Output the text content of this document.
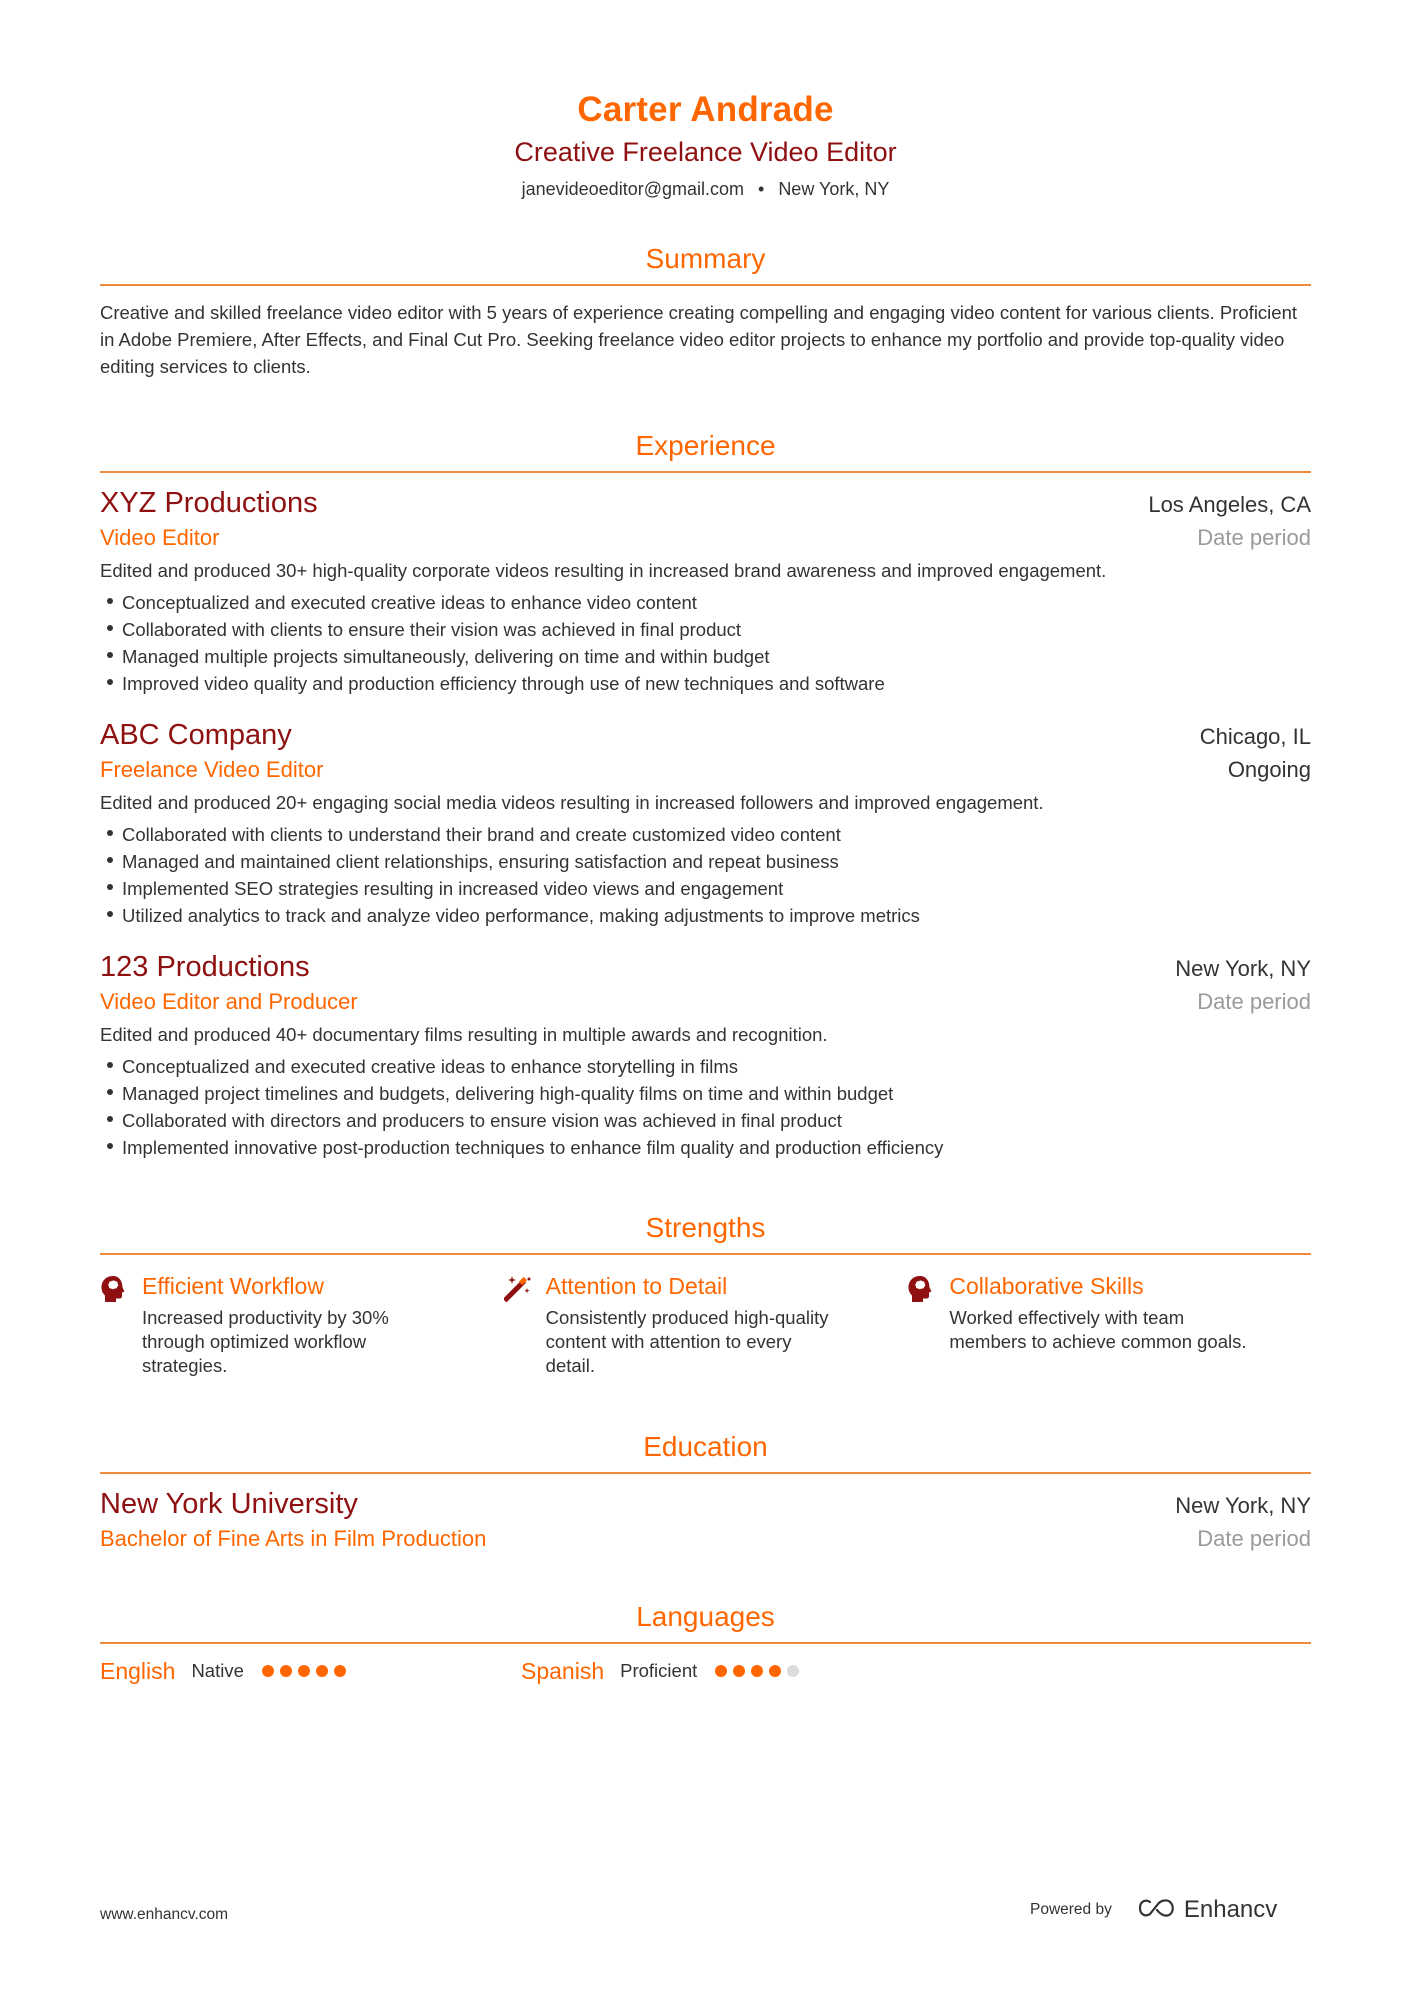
Carter Andrade
Creative Freelance Video Editor
janevideoeditor@gmail.com • New York, NY
Summary
Creative and skilled freelance video editor with 5 years of experience creating compelling and engaging video content for various clients. Proficient in Adobe Premiere, After Effects, and Final Cut Pro. Seeking freelance video editor projects to enhance my portfolio and provide top-quality video editing services to clients.
Experience
XYZ Productions	Los Angeles, CA
Video Editor	Date period
Edited and produced 30+ high-quality corporate videos resulting in increased brand awareness and improved engagement.
Conceptualized and executed creative ideas to enhance video content
Collaborated with clients to ensure their vision was achieved in final product
Managed multiple projects simultaneously, delivering on time and within budget
Improved video quality and production efficiency through use of new techniques and software
ABC Company	Chicago, IL
Freelance Video Editor	Ongoing
Edited and produced 20+ engaging social media videos resulting in increased followers and improved engagement.
Collaborated with clients to understand their brand and create customized video content
Managed and maintained client relationships, ensuring satisfaction and repeat business
Implemented SEO strategies resulting in increased video views and engagement
Utilized analytics to track and analyze video performance, making adjustments to improve metrics
123 Productions	New York, NY
Video Editor and Producer	Date period
Edited and produced 40+ documentary films resulting in multiple awards and recognition.
Conceptualized and executed creative ideas to enhance storytelling in films
Managed project timelines and budgets, delivering high-quality films on time and within budget
Collaborated with directors and producers to ensure vision was achieved in final product
Implemented innovative post-production techniques to enhance film quality and production efficiency
Strengths
Efficient Workflow
Increased productivity by 30% through optimized workflow strategies.
Attention to Detail
Consistently produced high-quality content with attention to every detail.
Collaborative Skills
Worked effectively with team members to achieve common goals.
Education
New York University	New York, NY
Bachelor of Fine Arts in Film Production	Date period
Languages
English Native	Spanish Proficient
www.enhancv.com	Powered by	Enhancv
